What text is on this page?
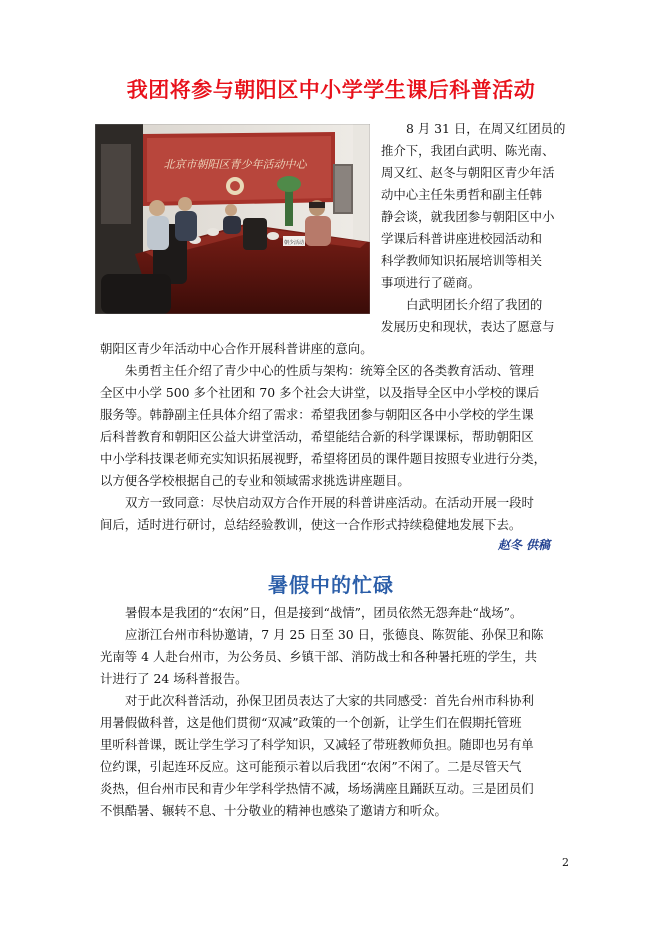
我团将参与朝阳区中小学学生课后科普活动
北京市朝阳区青少年活动中心
朝少活动
8 月 31 日，在周又红团员的
推介下，我团白武明、陈光南、
周又红、赵冬与朝阳区青少年活
动中心主任朱勇哲和副主任韩
静会谈，就我团参与朝阳区中小
学课后科普讲座进校园活动和
科学教师知识拓展培训等相关
事项进行了磋商。
白武明团长介绍了我团的
发展历史和现状，表达了愿意与
朝阳区青少年活动中心合作开展科普讲座的意向。
朱勇哲主任介绍了青少中心的性质与架构：统筹全区的各类教育活动、管理
全区中小学 500 多个社团和 70 多个社会大讲堂，以及指导全区中小学校的课后
服务等。韩静副主任具体介绍了需求：希望我团参与朝阳区各中小学校的学生课
后科普教育和朝阳区公益大讲堂活动，希望能结合新的科学课课标，帮助朝阳区
中小学科技课老师充实知识拓展视野，希望将团员的课件题目按照专业进行分类，
以方便各学校根据自己的专业和领域需求挑选讲座题目。
双方一致同意：尽快启动双方合作开展的科普讲座活动。在活动开展一段时
间后，适时进行研讨，总结经验教训，使这一合作形式持续稳健地发展下去。
赵冬 供稿
暑假中的忙碌
暑假本是我团的“农闲”日，但是接到“战情”，团员依然无怨奔赴“战场”。
应浙江台州市科协邀请，7 月 25 日至 30 日，张德良、陈贺能、孙保卫和陈
光南等 4 人赴台州市，为公务员、乡镇干部、消防战士和各种暑托班的学生，共
计进行了 24 场科普报告。
对于此次科普活动，孙保卫团员表达了大家的共同感受：首先台州市科协利
用暑假做科普，这是他们贯彻“双减”政策的一个创新，让学生们在假期托管班
里听科普课，既让学生学习了科学知识，又减轻了带班教师负担。随即也另有单
位约课，引起连环反应。这可能预示着以后我团“农闲”不闲了。二是尽管天气
炎热，但台州市民和青少年学科学热情不减，场场满座且踊跃互动。三是团员们
不惧酷暑、辗转不息、十分敬业的精神也感染了邀请方和听众。
2
